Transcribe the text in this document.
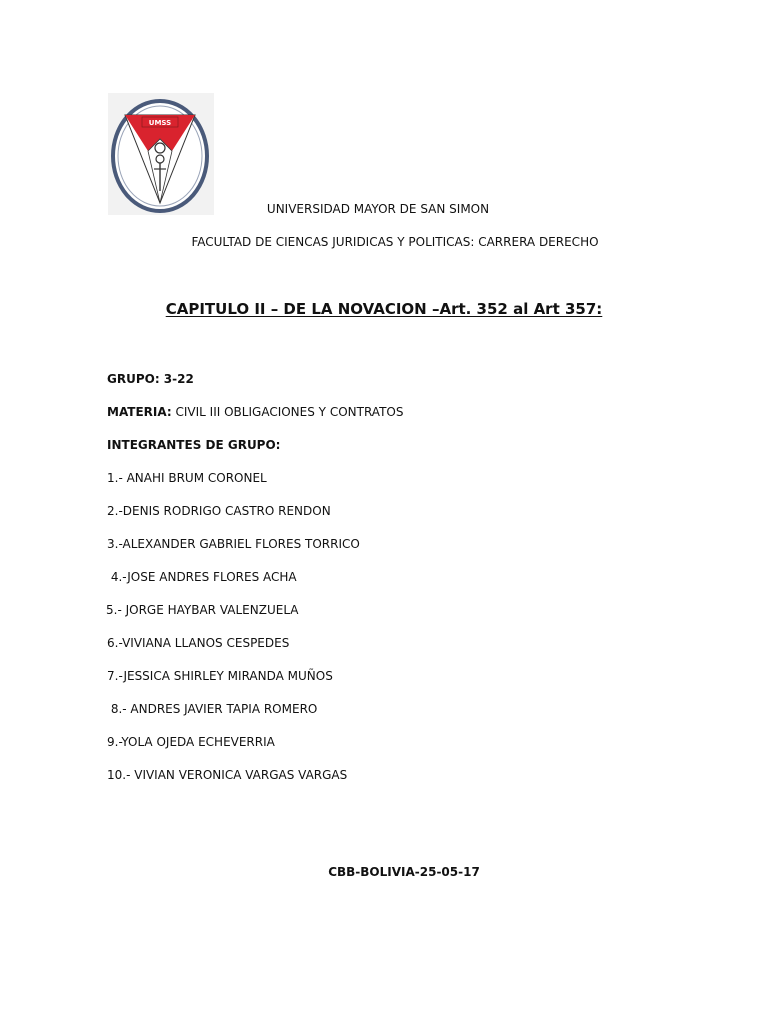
UMSS
UNIVERSIDAD MAYOR DE SAN SIMON
FACULTAD DE CIENCAS JURIDICAS Y POLITICAS: CARRERA DERECHO
CAPITULO II – DE LA NOVACION –Art. 352 al Art 357:
GRUPO: 3-22
MATERIA: CIVIL III OBLIGACIONES Y CONTRATOS
INTEGRANTES DE GRUPO:
1.- ANAHI BRUM CORONEL
2.-DENIS RODRIGO CASTRO RENDON
3.-ALEXANDER GABRIEL FLORES TORRICO
4.-JOSE ANDRES FLORES ACHA
5.- JORGE HAYBAR VALENZUELA
6.-VIVIANA LLANOS CESPEDES
7.-JESSICA SHIRLEY MIRANDA MUÑOS
8.- ANDRES JAVIER TAPIA ROMERO
9.-YOLA OJEDA ECHEVERRIA
10.- VIVIAN VERONICA VARGAS VARGAS
CBB-BOLIVIA-25-05-17
